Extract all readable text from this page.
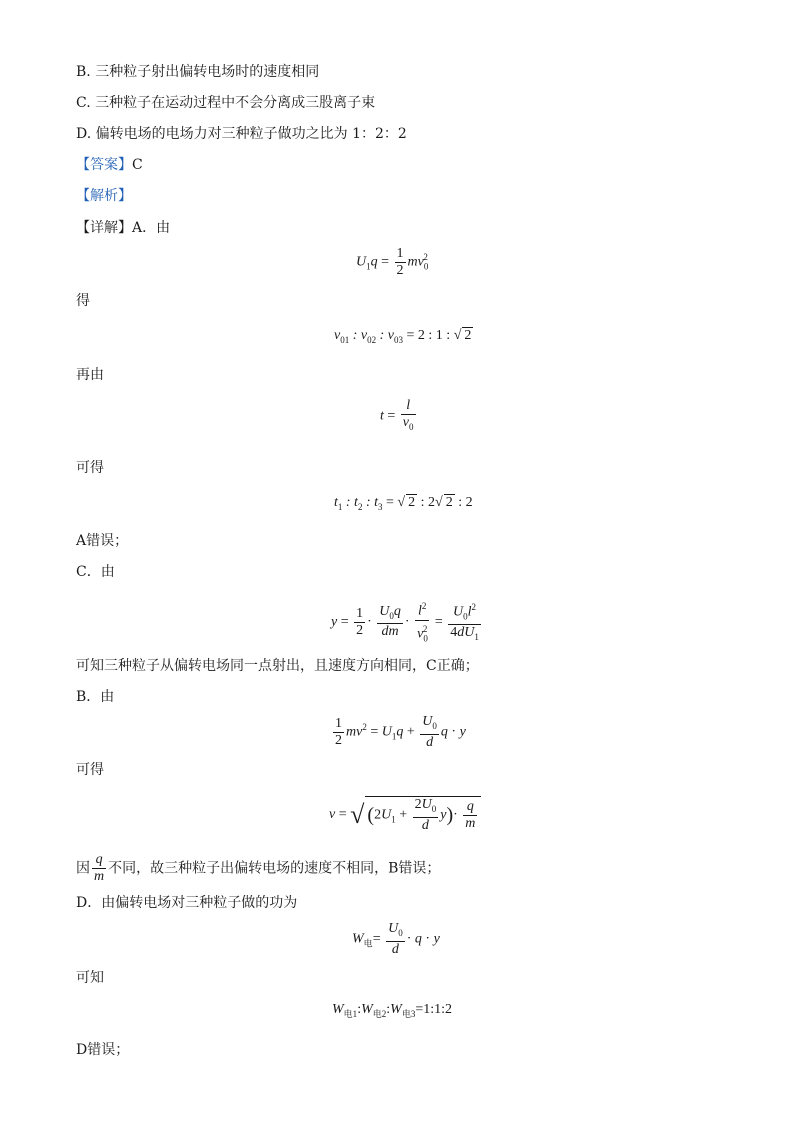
B. 三种粒子射出偏转电场时的速度相同
C. 三种粒子在运动过程中不会分离成三股离子束
D. 偏转电场的电场力对三种粒子做功之比为 1：2：2
【答案】C
【解析】
【详解】A．由
$U_1q = \frac{1}{2} mv_0^2$
得
$v_{01}$ : $v_{02}$ : $v_{03} = 2$ : 1 : √ 2
再由
$t = \frac{l}{v_0}$
可得
$t_1$ : $t_2$ : $t_3$ = √ 2 : 2√ 2 : 2
A错误；
C．由
$y = \frac{1}{2} \cdot \frac{U_0q}{dm} \cdot \frac{l^2}{v_0^2} = \frac{U_0l^2}{4dU_1}$
可知三种粒子从偏转电场同一点射出，且速度方向相同，C正确；
B．由
$\frac{1}{2} mv^2 = U_1q + \frac{U_0}{d}$ q · y
可得
v = √ $(2U_1 + \frac{2U_0}{d} y)\cdot \frac{q}{m}$
因 $\frac{q}{m}$ 不同，故三种粒子出偏转电场的速度不相同，B错误；
D．由偏转电场对三种粒子做的功为
$W_电= \frac{U_0}{d} \cdot q \cdot y$
可知
$W_{电1}:W_{电2}:W_{电3}=1:1:2$
D错误；
